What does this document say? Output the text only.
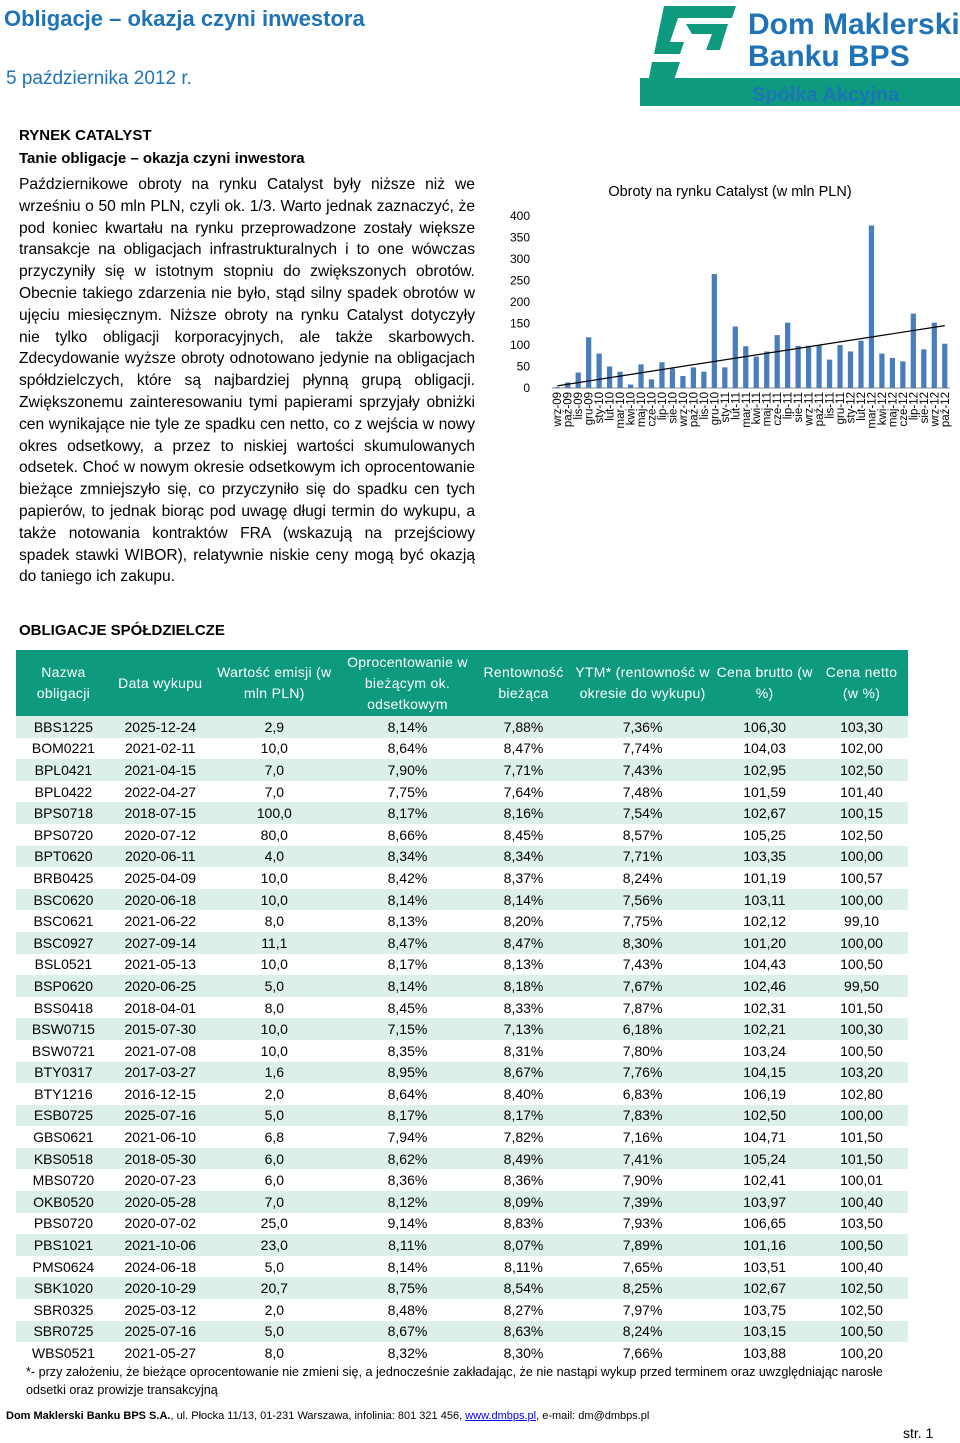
Obligacje – okazja czyni inwestora
5 października 2012 r.
Dom Maklerski
Banku BPS
Spółka Akcyjna
RYNEK CATALYST
Tanie obligacje – okazja czyni inwestora
Październikowe obroty na rynku Catalyst były niższe niż we wrześniu o 50 mln PLN, czyli ok. 1/3. Warto jednak zaznaczyć, że pod koniec kwartału na rynku przeprowadzone zostały większe transakcje na obligacjach infrastrukturalnych i to one wówczas przyczyniły się w istotnym stopniu do zwiększonych obrotów. Obecnie takiego zdarzenia nie było, stąd silny spadek obrotów w ujęciu miesięcznym. Niższe obroty na rynku Catalyst dotyczyły nie tylko obligacji korporacyjnych, ale także skarbowych. Zdecydowanie wyższe obroty odnotowano jedynie na obligacjach spółdzielczych, które są najbardziej płynną grupą obligacji. Zwiększonemu zainteresowaniu tymi papierami sprzyjały obniżki cen wynikające nie tyle ze spadku cen netto, co z wejścia w nowy okres odsetkowy, a przez to niskiej wartości skumulowanych odsetek. Choć w nowym okresie odsetkowym ich oprocentowanie bieżące zmniejszyło się, co przyczyniło się do spadku cen tych papierów, to jednak biorąc pod uwagę długi termin do wykupu, a także notowania kontraktów FRA (wskazują na przejściowy spadek stawki WIBOR), relatywnie niskie ceny mogą być okazją do taniego ich zakupu.
OBLIGACJE SPÓŁDZIELCZE
Obroty na rynku Catalyst (w mln PLN)
0
50
100
150
200
250
300
350
400
wrz-09
paź-09
lis-09
gru-09
sty-10
lut-10
mar-10
kwi-10
maj-10
cze-10
lip-10
sie-10
wrz-10
paź-10
lis-10
gru-10
sty-11
lut-11
mar-11
kwi-11
maj-11
cze-11
lip-11
sie-11
wrz-11
paź-11
lis-11
gru-11
sty-12
lut-12
mar-12
kwi-12
maj-12
cze-12
lip-12
sie-12
wrz-12
paź-12
Nazwa obligacji	Data wykupu	Wartość emisji (w mln PLN)	Oprocentowanie w bieżącym ok. odsetkowym	Rentowność bieżąca	YTM* (rentowność w okresie do wykupu)	Cena brutto (w %)	Cena netto (w %)
BBS1225	2025-12-24	2,9	8,14%	7,88%	7,36%	106,30	103,30
BOM0221	2021-02-11	10,0	8,64%	8,47%	7,74%	104,03	102,00
BPL0421	2021-04-15	7,0	7,90%	7,71%	7,43%	102,95	102,50
BPL0422	2022-04-27	7,0	7,75%	7,64%	7,48%	101,59	101,40
BPS0718	2018-07-15	100,0	8,17%	8,16%	7,54%	102,67	100,15
BPS0720	2020-07-12	80,0	8,66%	8,45%	8,57%	105,25	102,50
BPT0620	2020-06-11	4,0	8,34%	8,34%	7,71%	103,35	100,00
BRB0425	2025-04-09	10,0	8,42%	8,37%	8,24%	101,19	100,57
BSC0620	2020-06-18	10,0	8,14%	8,14%	7,56%	103,11	100,00
BSC0621	2021-06-22	8,0	8,13%	8,20%	7,75%	102,12	99,10
BSC0927	2027-09-14	11,1	8,47%	8,47%	8,30%	101,20	100,00
BSL0521	2021-05-13	10,0	8,17%	8,13%	7,43%	104,43	100,50
BSP0620	2020-06-25	5,0	8,14%	8,18%	7,67%	102,46	99,50
BSS0418	2018-04-01	8,0	8,45%	8,33%	7,87%	102,31	101,50
BSW0715	2015-07-30	10,0	7,15%	7,13%	6,18%	102,21	100,30
BSW0721	2021-07-08	10,0	8,35%	8,31%	7,80%	103,24	100,50
BTY0317	2017-03-27	1,6	8,95%	8,67%	7,76%	104,15	103,20
BTY1216	2016-12-15	2,0	8,64%	8,40%	6,83%	106,19	102,80
ESB0725	2025-07-16	5,0	8,17%	8,17%	7,83%	102,50	100,00
GBS0621	2021-06-10	6,8	7,94%	7,82%	7,16%	104,71	101,50
KBS0518	2018-05-30	6,0	8,62%	8,49%	7,41%	105,24	101,50
MBS0720	2020-07-23	6,0	8,36%	8,36%	7,90%	102,41	100,01
OKB0520	2020-05-28	7,0	8,12%	8,09%	7,39%	103,97	100,40
PBS0720	2020-07-02	25,0	9,14%	8,83%	7,93%	106,65	103,50
PBS1021	2021-10-06	23,0	8,11%	8,07%	7,89%	101,16	100,50
PMS0624	2024-06-18	5,0	8,14%	8,11%	7,65%	103,51	100,40
SBK1020	2020-10-29	20,7	8,75%	8,54%	8,25%	102,67	102,50
SBR0325	2025-03-12	2,0	8,48%	8,27%	7,97%	103,75	102,50
SBR0725	2025-07-16	5,0	8,67%	8,63%	8,24%	103,15	100,50
WBS0521	2021-05-27	8,0	8,32%	8,30%	7,66%	103,88	100,20
*- przy założeniu, że bieżące oprocentowanie nie zmieni się, a jednocześnie zakładając, że nie nastąpi wykup przed terminem oraz uwzględniając narosłe odsetki oraz prowizje transakcyjną
Dom Maklerski Banku BPS S.A., ul. Płocka 11/13, 01-231 Warszawa, infolinia: 801 321 456, www.dmbps.pl, e-mail: dm@dmbps.pl
str. 1
